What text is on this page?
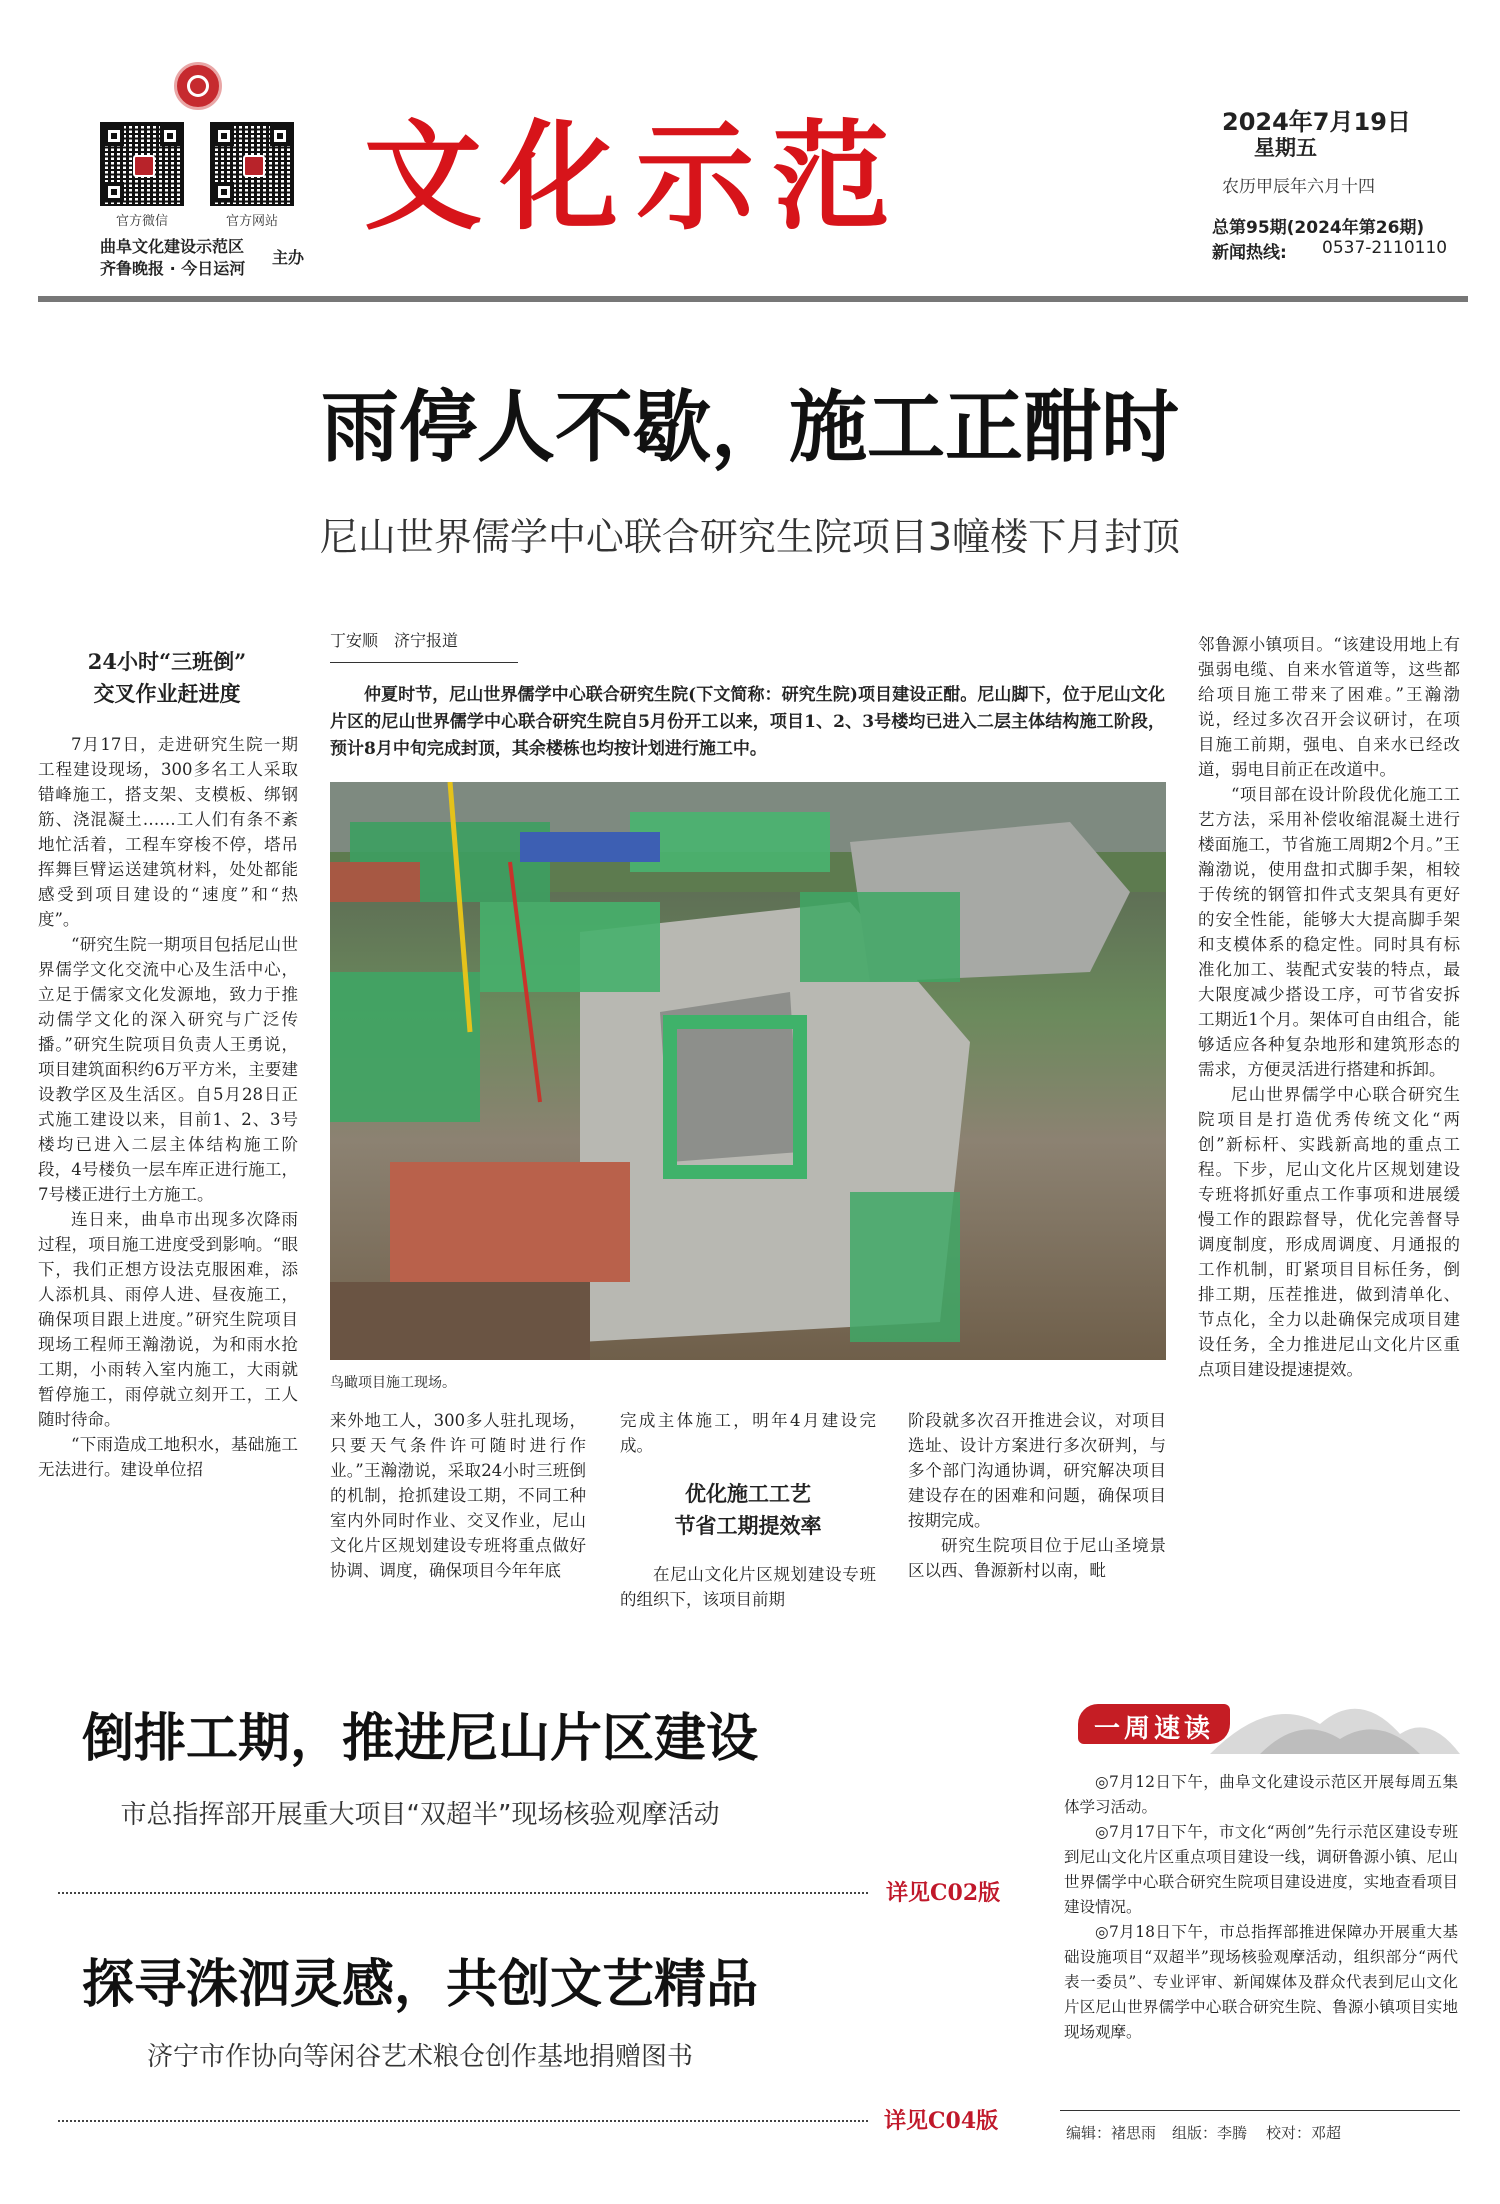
官方微信	官方网站
曲阜文化建设示范区
齐鲁晚报 · 今日运河
主办
文化示范	2024年7月19日
星期五
农历甲辰年六月十四
总第95期(2024年第26期)
新闻热线: 0537-2110110
雨停人不歇，施工正酣时
尼山世界儒学中心联合研究生院项目3幢楼下月封顶
丁安顺　济宁报道

仲夏时节，尼山世界儒学中心联合研究生院(下文简称：研究生院)项目建设正酣。尼山脚下，位于尼山文化片区的尼山世界儒学中心联合研究生院自5月份开工以来，项目1、2、3号楼均已进入二层主体结构施工阶段，预计8月中旬完成封顶，其余楼栋也均按计划进行施工中。

鸟瞰项目施工现场。
24小时“三班倒”
交叉作业赶进度

7月17日，走进研究生院一期工程建设现场，300多名工人采取错峰施工，搭支架、支模板、绑钢筋、浇混凝土……工人们有条不紊地忙活着，工程车穿梭不停，塔吊挥舞巨臂运送建筑材料，处处都能感受到项目建设的“速度”和“热度”。

“研究生院一期项目包括尼山世界儒学文化交流中心及生活中心，立足于儒家文化发源地，致力于推动儒学文化的深入研究与广泛传播。”研究生院项目负责人王勇说，项目建筑面积约6万平方米，主要建设教学区及生活区。自5月28日正式施工建设以来，目前1、2、3号楼均已进入二层主体结构施工阶段，4号楼负一层车库正进行施工，7号楼正进行土方施工。

连日来，曲阜市出现多次降雨过程，项目施工进度受到影响。“眼下，我们正想方设法克服困难，添人添机具、雨停人进、昼夜施工，确保项目跟上进度。”研究生院项目现场工程师王瀚渤说，为和雨水抢工期，小雨转入室内施工，大雨就暂停施工，雨停就立刻开工，工人随时待命。

“下雨造成工地积水，基础施工无法进行。建设单位招

来外地工人，300多人驻扎现场，只要天气条件许可随时进行作业。”王瀚渤说，采取24小时三班倒的机制，抢抓建设工期，不同工种室内外同时作业、交叉作业，尼山文化片区规划建设专班将重点做好协调、调度，确保项目今年年底

完成主体施工，明年4月建设完成。

优化施工工艺
节省工期提效率

在尼山文化片区规划建设专班的组织下，该项目前期

阶段就多次召开推进会议，对项目选址、设计方案进行多次研判，与多个部门沟通协调，研究解决项目建设存在的困难和问题，确保项目按期完成。

研究生院项目位于尼山圣境景区以西、鲁源新村以南，毗

邻鲁源小镇项目。“该建设用地上有强弱电缆、自来水管道等，这些都给项目施工带来了困难。”王瀚渤说，经过多次召开会议研讨，在项目施工前期，强电、自来水已经改道，弱电目前正在改道中。

“项目部在设计阶段优化施工工艺方法，采用补偿收缩混凝土进行楼面施工，节省施工周期2个月。”王瀚渤说，使用盘扣式脚手架，相较于传统的钢管扣件式支架具有更好的安全性能，能够大大提高脚手架和支模体系的稳定性。同时具有标准化加工、装配式安装的特点，最大限度减少搭设工序，可节省安拆工期近1个月。架体可自由组合，能够适应各种复杂地形和建筑形态的需求，方便灵活进行搭建和拆卸。

尼山世界儒学中心联合研究生院项目是打造优秀传统文化“两创”新标杆、实践新高地的重点工程。下步，尼山文化片区规划建设专班将抓好重点工作事项和进展缓慢工作的跟踪督导，优化完善督导调度制度，形成周调度、月通报的工作机制，盯紧项目目标任务，倒排工期，压茬推进，做到清单化、节点化，全力以赴确保完成项目建设任务，全力推进尼山文化片区重点项目建设提速提效。

倒排工期，推进尼山片区建设
市总指挥部开展重大项目“双超半”现场核验观摩活动
详见C02版
探寻洙泗灵感，共创文艺精品
济宁市作协向等闲谷艺术粮仓创作基地捐赠图书
详见C04版
一周速读

◎7月12日下午，曲阜文化建设示范区开展每周五集体学习活动。

◎7月17日下午，市文化“两创”先行示范区建设专班到尼山文化片区重点项目建设一线，调研鲁源小镇、尼山世界儒学中心联合研究生院项目建设进度，实地查看项目建设情况。

◎7月18日下午，市总指挥部推进保障办开展重大基础设施项目“双超半”现场核验观摩活动，组织部分“两代表一委员”、专业评审、新闻媒体及群众代表到尼山文化片区尼山世界儒学中心联合研究生院、鲁源小镇项目实地现场观摩。

编辑：褚思雨 组版：李腾 校对：邓超
